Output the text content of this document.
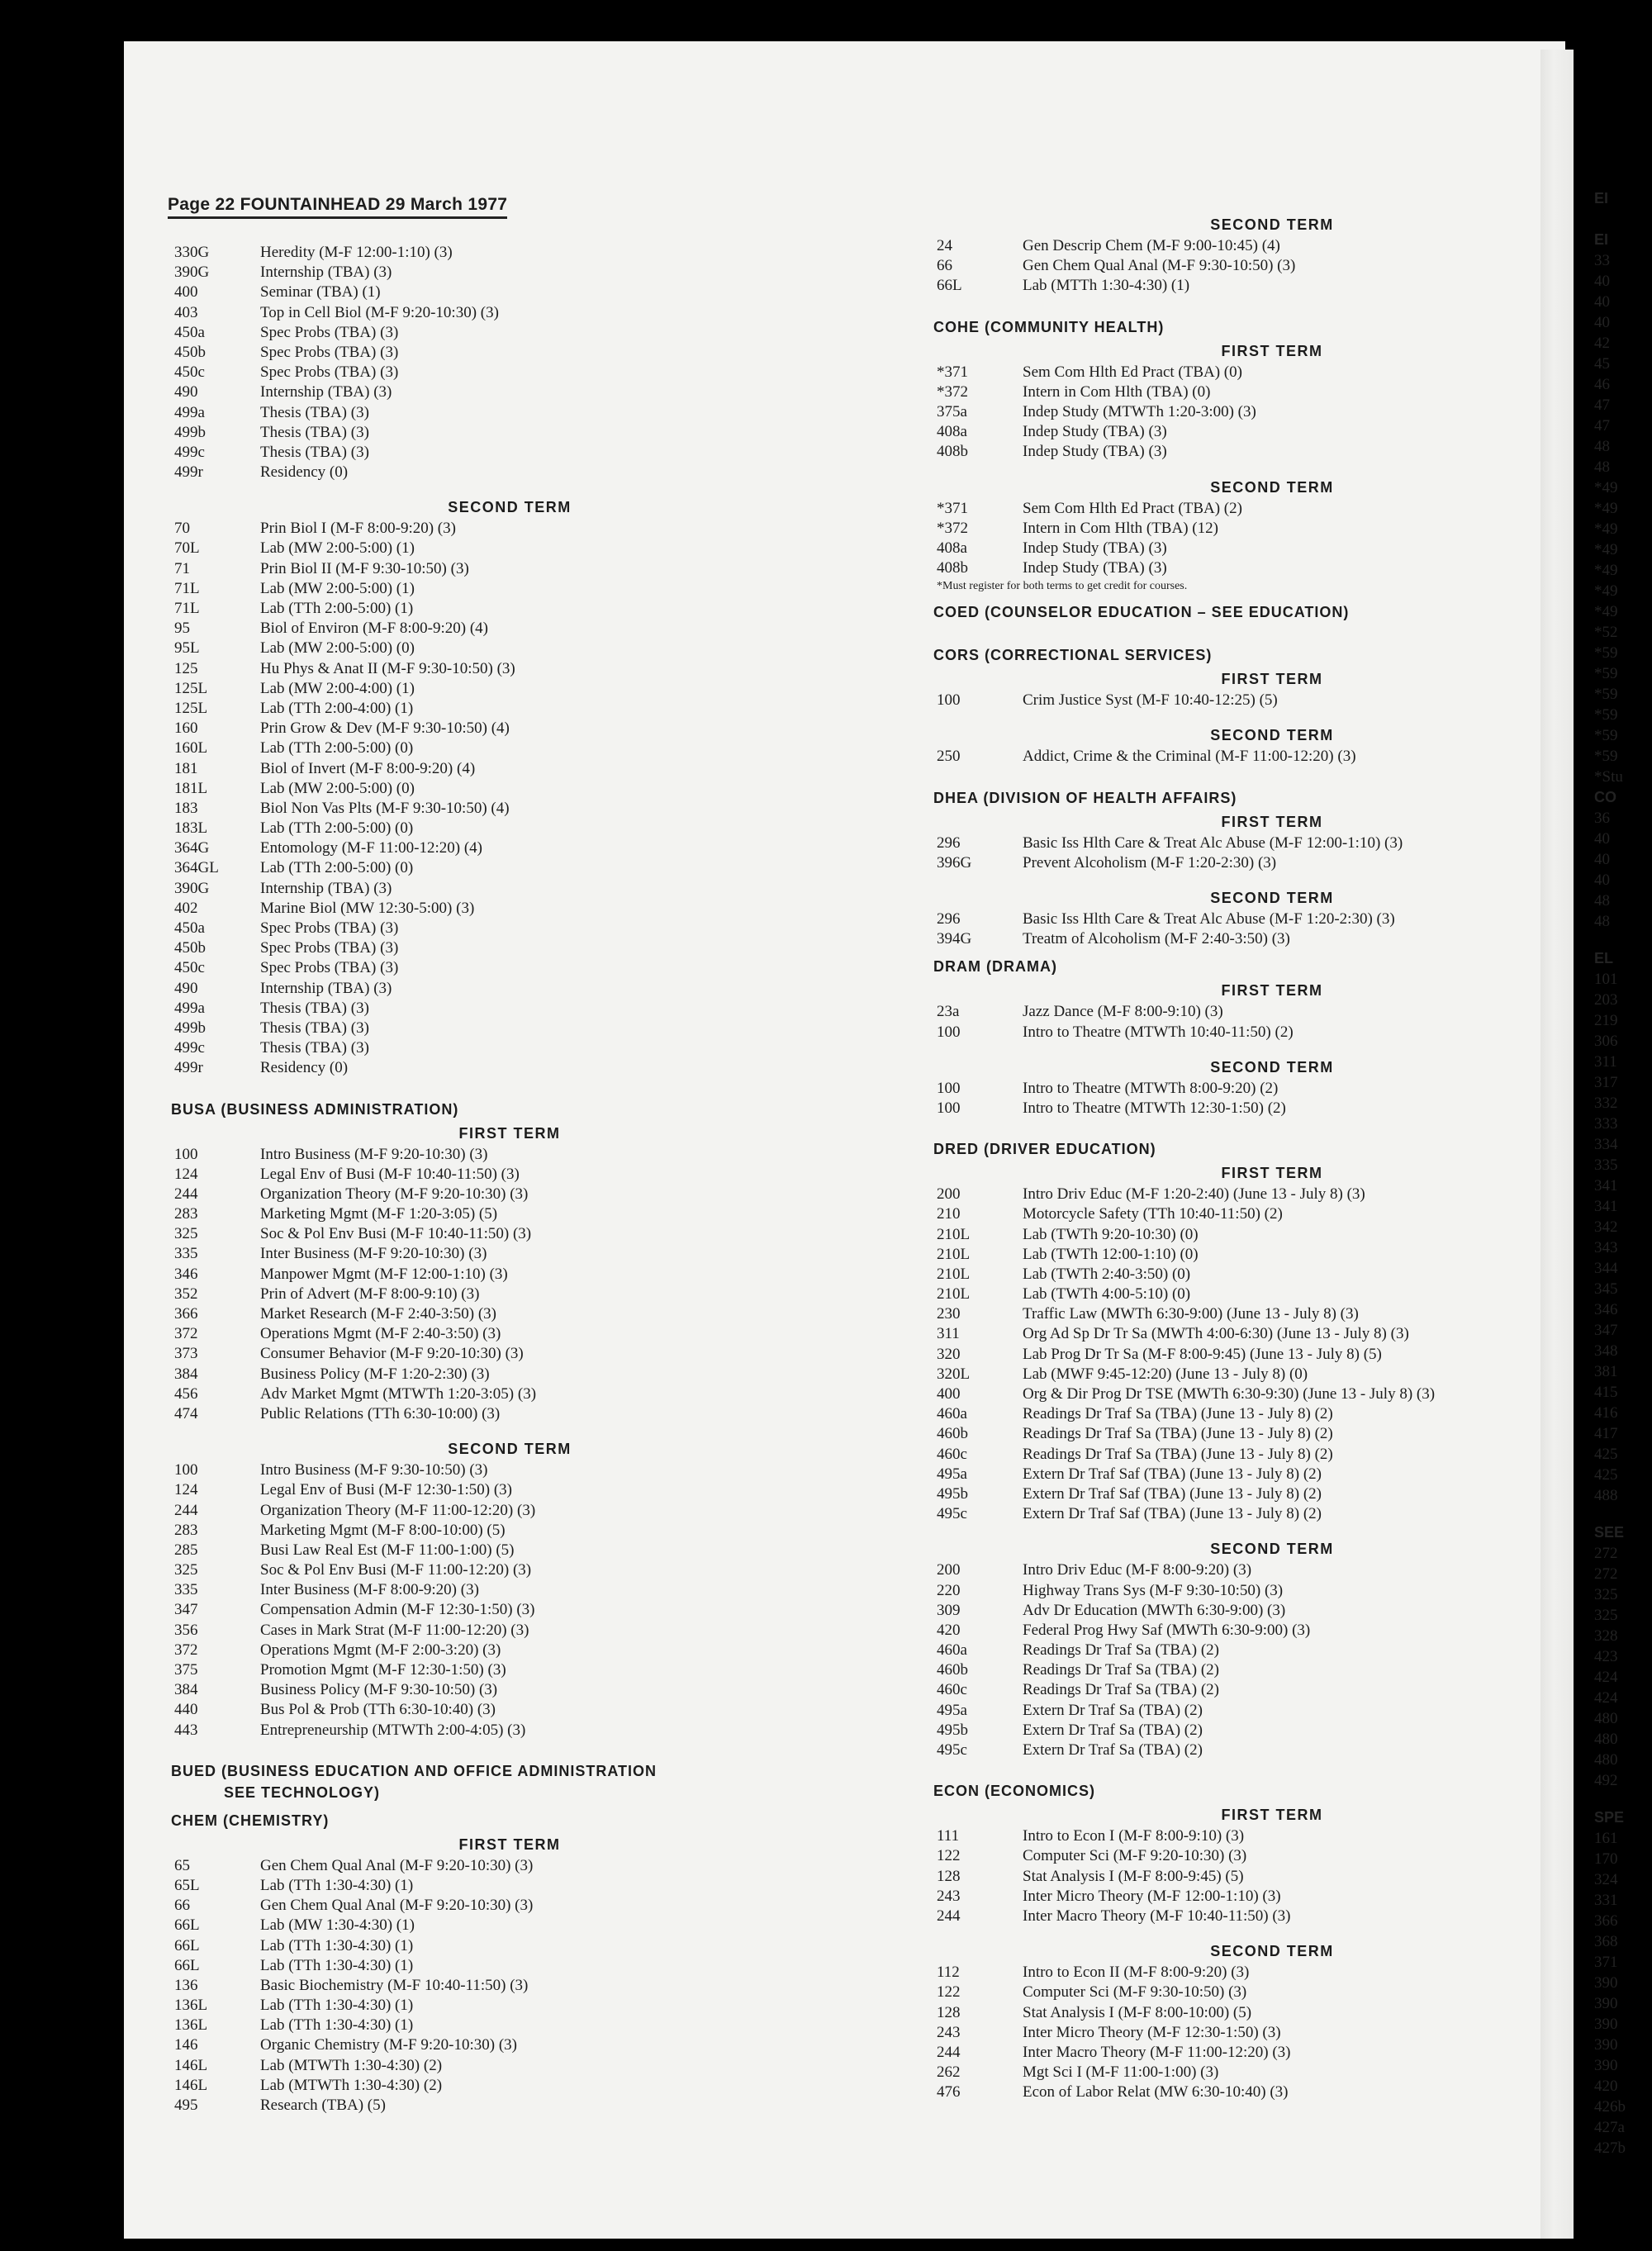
Page 22 FOUNTAINHEAD 29 March 1977
330G	Heredity (M-F 12:00-1:10) (3)
390G	Internship (TBA) (3)
400	Seminar (TBA) (1)
403	Top in Cell Biol (M-F 9:20-10:30) (3)
450a	Spec Probs (TBA) (3)
450b	Spec Probs (TBA) (3)
450c	Spec Probs (TBA) (3)
490	Internship (TBA) (3)
499a	Thesis (TBA) (3)
499b	Thesis (TBA) (3)
499c	Thesis (TBA) (3)
499r	Residency (0)
SECOND TERM
70	Prin Biol I (M-F 8:00-9:20) (3)
70L	Lab (MW 2:00-5:00) (1)
71	Prin Biol II (M-F 9:30-10:50) (3)
71L	Lab (MW 2:00-5:00) (1)
71L	Lab (TTh 2:00-5:00) (1)
95	Biol of Environ (M-F 8:00-9:20) (4)
95L	Lab (MW 2:00-5:00) (0)
125	Hu Phys & Anat II (M-F 9:30-10:50) (3)
125L	Lab (MW 2:00-4:00) (1)
125L	Lab (TTh 2:00-4:00) (1)
160	Prin Grow & Dev (M-F 9:30-10:50) (4)
160L	Lab (TTh 2:00-5:00) (0)
181	Biol of Invert (M-F 8:00-9:20) (4)
181L	Lab (MW 2:00-5:00) (0)
183	Biol Non Vas Plts (M-F 9:30-10:50) (4)
183L	Lab (TTh 2:00-5:00) (0)
364G	Entomology (M-F 11:00-12:20) (4)
364GL	Lab (TTh 2:00-5:00) (0)
390G	Internship (TBA) (3)
402	Marine Biol (MW 12:30-5:00) (3)
450a	Spec Probs (TBA) (3)
450b	Spec Probs (TBA) (3)
450c	Spec Probs (TBA) (3)
490	Internship (TBA) (3)
499a	Thesis (TBA) (3)
499b	Thesis (TBA) (3)
499c	Thesis (TBA) (3)
499r	Residency (0)
BUSA (BUSINESS ADMINISTRATION)
FIRST TERM
100	Intro Business (M-F 9:20-10:30) (3)
124	Legal Env of Busi (M-F 10:40-11:50) (3)
244	Organization Theory (M-F 9:20-10:30) (3)
283	Marketing Mgmt (M-F 1:20-3:05) (5)
325	Soc & Pol Env Busi (M-F 10:40-11:50) (3)
335	Inter Business (M-F 9:20-10:30) (3)
346	Manpower Mgmt (M-F 12:00-1:10) (3)
352	Prin of Advert (M-F 8:00-9:10) (3)
366	Market Research (M-F 2:40-3:50) (3)
372	Operations Mgmt (M-F 2:40-3:50) (3)
373	Consumer Behavior (M-F 9:20-10:30) (3)
384	Business Policy (M-F 1:20-2:30) (3)
456	Adv Market Mgmt (MTWTh 1:20-3:05) (3)
474	Public Relations (TTh 6:30-10:00) (3)
SECOND TERM
100	Intro Business (M-F 9:30-10:50) (3)
124	Legal Env of Busi (M-F 12:30-1:50) (3)
244	Organization Theory (M-F 11:00-12:20) (3)
283	Marketing Mgmt (M-F 8:00-10:00) (5)
285	Busi Law Real Est (M-F 11:00-1:00) (5)
325	Soc & Pol Env Busi (M-F 11:00-12:20) (3)
335	Inter Business (M-F 8:00-9:20) (3)
347	Compensation Admin (M-F 12:30-1:50) (3)
356	Cases in Mark Strat (M-F 11:00-12:20) (3)
372	Operations Mgmt (M-F 2:00-3:20) (3)
375	Promotion Mgmt (M-F 12:30-1:50) (3)
384	Business Policy (M-F 9:30-10:50) (3)
440	Bus Pol & Prob (TTh 6:30-10:40) (3)
443	Entrepreneurship (MTWTh 2:00-4:05) (3)
BUED (BUSINESS EDUCATION AND OFFICE ADMINISTRATION
SEE TECHNOLOGY)
CHEM (CHEMISTRY)
FIRST TERM
65	Gen Chem Qual Anal (M-F 9:20-10:30) (3)
65L	Lab (TTh 1:30-4:30) (1)
66	Gen Chem Qual Anal (M-F 9:20-10:30) (3)
66L	Lab (MW 1:30-4:30) (1)
66L	Lab (TTh 1:30-4:30) (1)
66L	Lab (TTh 1:30-4:30) (1)
136	Basic Biochemistry (M-F 10:40-11:50) (3)
136L	Lab (TTh 1:30-4:30) (1)
136L	Lab (TTh 1:30-4:30) (1)
146	Organic Chemistry (M-F 9:20-10:30) (3)
146L	Lab (MTWTh 1:30-4:30) (2)
146L	Lab (MTWTh 1:30-4:30) (2)
495	Research (TBA) (5)
SECOND TERM
24	Gen Descrip Chem (M-F 9:00-10:45) (4)
66	Gen Chem Qual Anal (M-F 9:30-10:50) (3)
66L	Lab (MTTh 1:30-4:30) (1)
COHE (COMMUNITY HEALTH)
FIRST TERM
*371	Sem Com Hlth Ed Pract (TBA) (0)
*372	Intern in Com Hlth (TBA) (0)
375a	Indep Study (MTWTh 1:20-3:00) (3)
408a	Indep Study (TBA) (3)
408b	Indep Study (TBA) (3)
SECOND TERM
*371	Sem Com Hlth Ed Pract (TBA) (2)
*372	Intern in Com Hlth (TBA) (12)
408a	Indep Study (TBA) (3)
408b	Indep Study (TBA) (3)
*Must register for both terms to get credit for courses.
COED (COUNSELOR EDUCATION – SEE EDUCATION)
CORS (CORRECTIONAL SERVICES)
FIRST TERM
100	Crim Justice Syst (M-F 10:40-12:25) (5)
SECOND TERM
250	Addict, Crime & the Criminal (M-F 11:00-12:20) (3)
DHEA (DIVISION OF HEALTH AFFAIRS)
FIRST TERM
296	Basic Iss Hlth Care & Treat Alc Abuse (M-F 12:00-1:10) (3)
396G	Prevent Alcoholism (M-F 1:20-2:30) (3)
SECOND TERM
296	Basic Iss Hlth Care & Treat Alc Abuse (M-F 1:20-2:30) (3)
394G	Treatm of Alcoholism (M-F 2:40-3:50) (3)
DRAM (DRAMA)
FIRST TERM
23a	Jazz Dance (M-F 8:00-9:10) (3)
100	Intro to Theatre (MTWTh 10:40-11:50) (2)
SECOND TERM
100	Intro to Theatre (MTWTh 8:00-9:20) (2)
100	Intro to Theatre (MTWTh 12:30-1:50) (2)
DRED (DRIVER EDUCATION)
FIRST TERM
200	Intro Driv Educ (M-F 1:20-2:40) (June 13 - July 8) (3)
210	Motorcycle Safety (TTh 10:40-11:50) (2)
210L	Lab (TWTh 9:20-10:30) (0)
210L	Lab (TWTh 12:00-1:10) (0)
210L	Lab (TWTh 2:40-3:50) (0)
210L	Lab (TWTh 4:00-5:10) (0)
230	Traffic Law (MWTh 6:30-9:00) (June 13 - July 8) (3)
311	Org Ad Sp Dr Tr Sa (MWTh 4:00-6:30) (June 13 - July 8) (3)
320	Lab Prog Dr Tr Sa (M-F 8:00-9:45) (June 13 - July 8) (5)
320L	Lab (MWF 9:45-12:20) (June 13 - July 8) (0)
400	Org & Dir Prog Dr TSE (MWTh 6:30-9:30) (June 13 - July 8) (3)
460a	Readings Dr Traf Sa (TBA) (June 13 - July 8) (2)
460b	Readings Dr Traf Sa (TBA) (June 13 - July 8) (2)
460c	Readings Dr Traf Sa (TBA) (June 13 - July 8) (2)
495a	Extern Dr Traf Saf (TBA) (June 13 - July 8) (2)
495b	Extern Dr Traf Saf (TBA) (June 13 - July 8) (2)
495c	Extern Dr Traf Saf (TBA) (June 13 - July 8) (2)
SECOND TERM
200	Intro Driv Educ (M-F 8:00-9:20) (3)
220	Highway Trans Sys (M-F 9:30-10:50) (3)
309	Adv Dr Education (MWTh 6:30-9:00) (3)
420	Federal Prog Hwy Saf (MWTh 6:30-9:00) (3)
460a	Readings Dr Traf Sa (TBA) (2)
460b	Readings Dr Traf Sa (TBA) (2)
460c	Readings Dr Traf Sa (TBA) (2)
495a	Extern Dr Traf Sa (TBA) (2)
495b	Extern Dr Traf Sa (TBA) (2)
495c	Extern Dr Traf Sa (TBA) (2)
ECON (ECONOMICS)
FIRST TERM
111	Intro to Econ I (M-F 8:00-9:10) (3)
122	Computer Sci (M-F 9:20-10:30) (3)
128	Stat Analysis I (M-F 8:00-9:45) (5)
243	Inter Micro Theory (M-F 12:00-1:10) (3)
244	Inter Macro Theory (M-F 10:40-11:50) (3)
SECOND TERM
112	Intro to Econ II (M-F 8:00-9:20) (3)
122	Computer Sci (M-F 9:30-10:50) (3)
128	Stat Analysis I (M-F 8:00-10:00) (5)
243	Inter Micro Theory (M-F 12:30-1:50) (3)
244	Inter Macro Theory (M-F 11:00-12:20) (3)
262	Mgt Sci I (M-F 11:00-1:00) (3)
476	Econ of Labor Relat (MW 6:30-10:40) (3)
EI
EI
33
40
40
40
42
45
46
47
47
48
48
*49
*49
*49
*49
*49
*49
*49
*52
*59
*59
*59
*59
*59
*59
*Stu
CO
36
40
40
40
48
48
EL
101
203
219
306
311
317
332
333
334
335
341
341
342
343
344
345
346
347
348
381
415
416
417
425
425
488
SEE
272
272
325
325
328
423
424
424
480
480
480
492
SPE
161
170
324
331
366
368
371
390
390
390
390
390
420
426b
427a
427b
